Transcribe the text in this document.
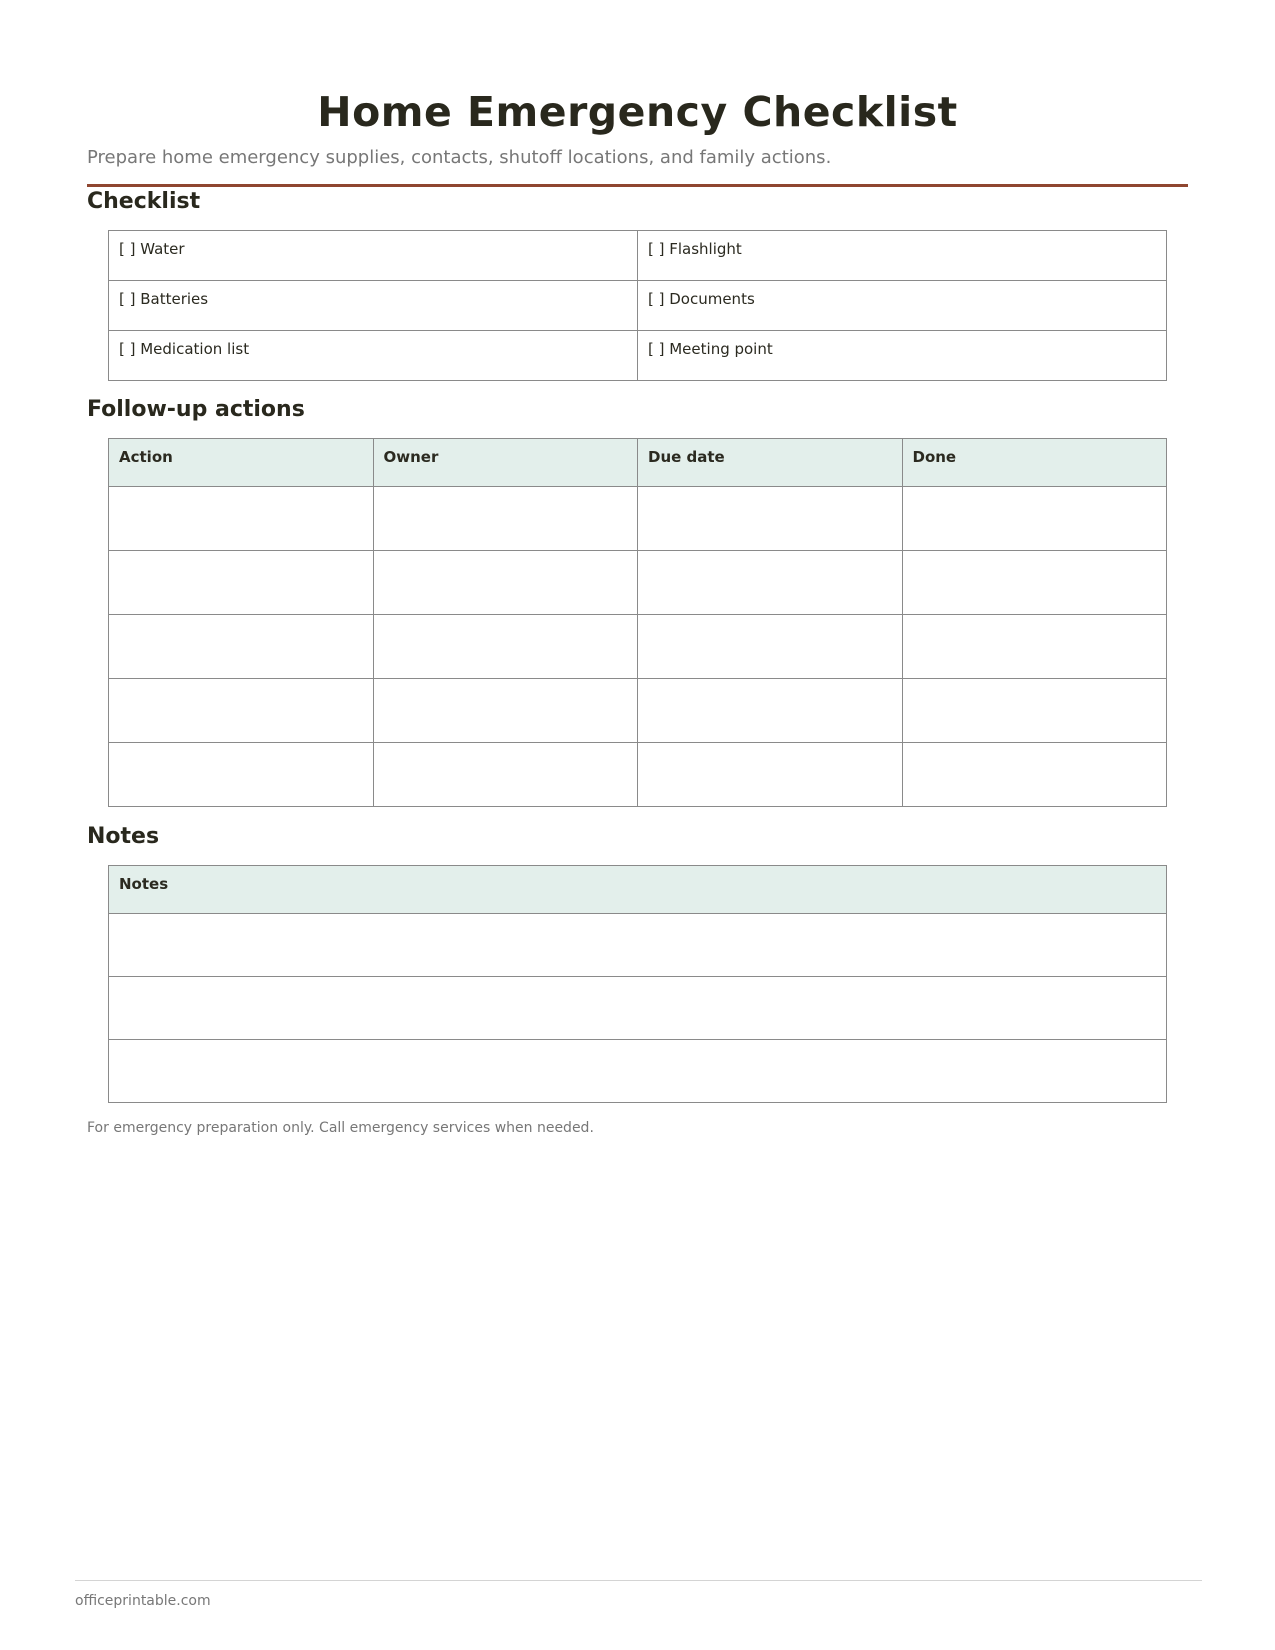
Home Emergency Checklist

Prepare home emergency supplies, contacts, shutoff locations, and family actions.

Checklist
[ ] Water	[ ] Flashlight
[ ] Batteries	[ ] Documents
[ ] Medication list	[ ] Meeting point
Follow-up actions
Action	Owner	Due date	Done

Notes
Notes

For emergency preparation only. Call emergency services when needed.

officeprintable.com
